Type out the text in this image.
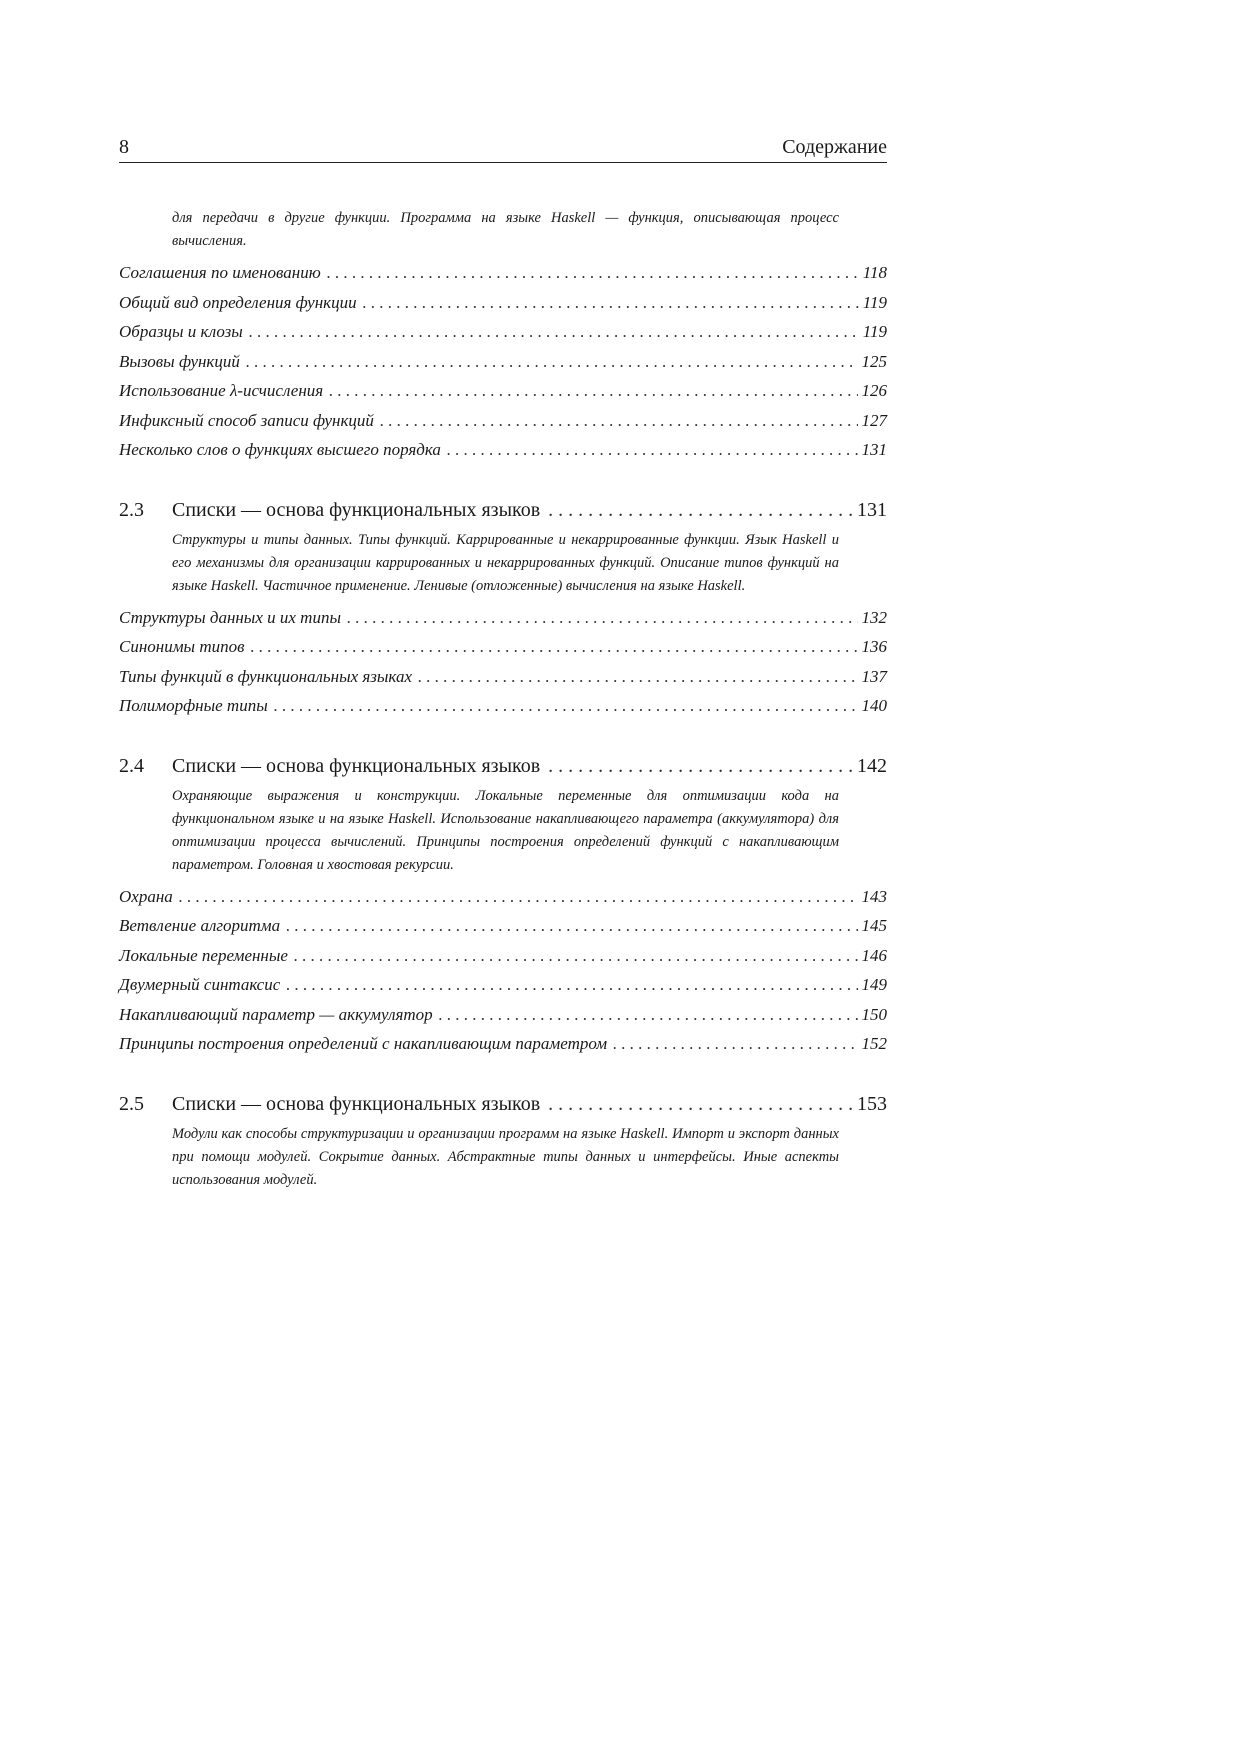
8	Содержание
для передачи в другие функции. Программа на языке Haskell — функция, описывающая процесс вычисления.
Соглашения по именованию . . .	118
Общий вид определения функции . . .	119
Образцы и клозы . . .	119
Вызовы функций . . .	125
Использование λ-исчисления . . .	126
Инфиксный способ записи функций . . .	127
Несколько слов о функциях высшего порядка . . .	131
2.3	Списки — основа функциональных языков . . .	131
Структуры и типы данных. Типы функций. Каррированные и некаррированные функции. Язык Haskell и его механизмы для организации каррированных и некаррированных функций. Описание типов функций на языке Haskell. Частичное применение. Ленивые (отложенные) вычисления на языке Haskell.
Структуры данных и их типы . . .	132
Синонимы типов . . .	136
Типы функций в функциональных языках . . .	137
Полиморфные типы . . .	140
2.4	Списки — основа функциональных языков . . .	142
Охраняющие выражения и конструкции. Локальные переменные для оптимизации кода на функциональном языке и на языке Haskell. Использование накапливающего параметра (аккумулятора) для оптимизации процесса вычислений. Принципы построения определений функций с накапливающим параметром. Головная и хвостовая рекурсии.
Охрана . . .	143
Ветвление алгоритма . . .	145
Локальные переменные . . .	146
Двумерный синтаксис . . .	149
Накапливающий параметр — аккумулятор . . .	150
Принципы построения определений с накапливающим параметром . . .	152
2.5	Списки — основа функциональных языков . . .	153
Модули как способы структуризации и организации программ на языке Haskell. Импорт и экспорт данных при помощи модулей. Сокрытие данных. Абстрактные типы данных и интерфейсы. Иные аспекты использования модулей.
